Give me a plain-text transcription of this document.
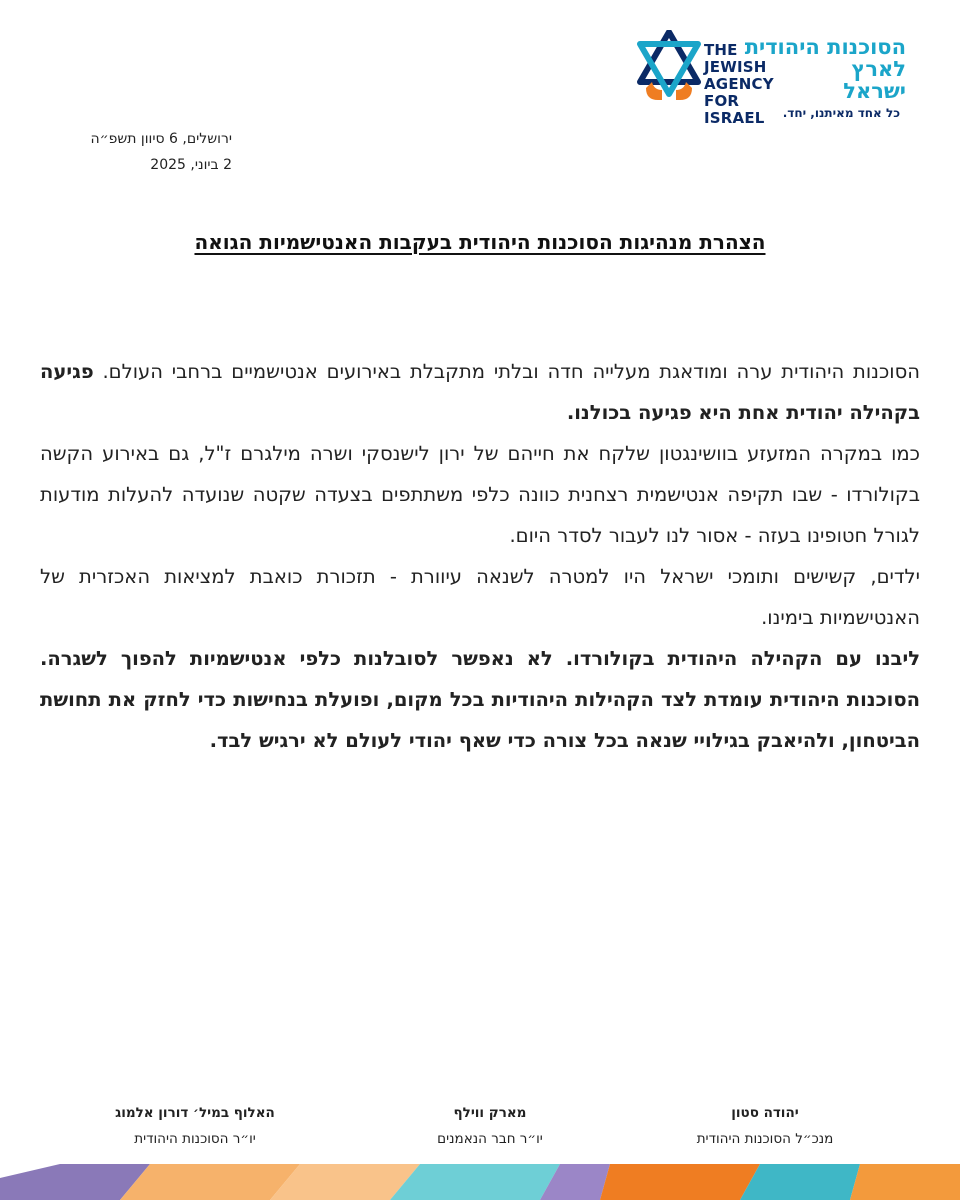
THE
JEWISH AGENCY
FOR ISRAEL
הסוכנות היהודית
לארץ
ישראל
כל אחד מאיתנו, יחד.
ירושלים, 6 סיוון תשפ״ה
2 ביוני, 2025
הצהרת מנהיגות הסוכנות היהודית בעקבות האנטישמיות הגואה

הסוכנות היהודית ערה ומודאגת מעלייה חדה ובלתי מתקבלת באירועים אנטישמיים ברחבי העולם. פגיעה בקהילה יהודית אחת היא פגיעה בכולנו.

כמו במקרה המזעזע בוושינגטון שלקח את חייהם של ירון לישנסקי ושרה מילגרם ז"ל, גם באירוע הקשה בקולורדו - שבו תקיפה אנטישמית רצחנית כוונה כלפי משתתפים בצעדה שקטה שנועדה להעלות מודעות לגורל חטופינו בעזה - אסור לנו לעבור לסדר היום.

ילדים, קשישים ותומכי ישראל היו למטרה לשנאה עיוורת - תזכורת כואבת למציאות האכזרית של האנטישמיות בימינו.

ליבנו עם הקהילה היהודית בקולורדו. לא נאפשר לסובלנות כלפי אנטישמיות להפוך לשגרה. הסוכנות היהודית עומדת לצד הקהילות היהודיות בכל מקום, ופועלת בנחישות כדי לחזק את תחושת הביטחון, ולהיאבק בגילויי שנאה בכל צורה כדי שאף יהודי לעולם לא ירגיש לבד.

יהודה סטון
מנכ״ל הסוכנות היהודית
מארק ווילף
יו״ר חבר הנאמנים
האלוף במיל׳ דורון אלמוג
יו״ר הסוכנות היהודית
